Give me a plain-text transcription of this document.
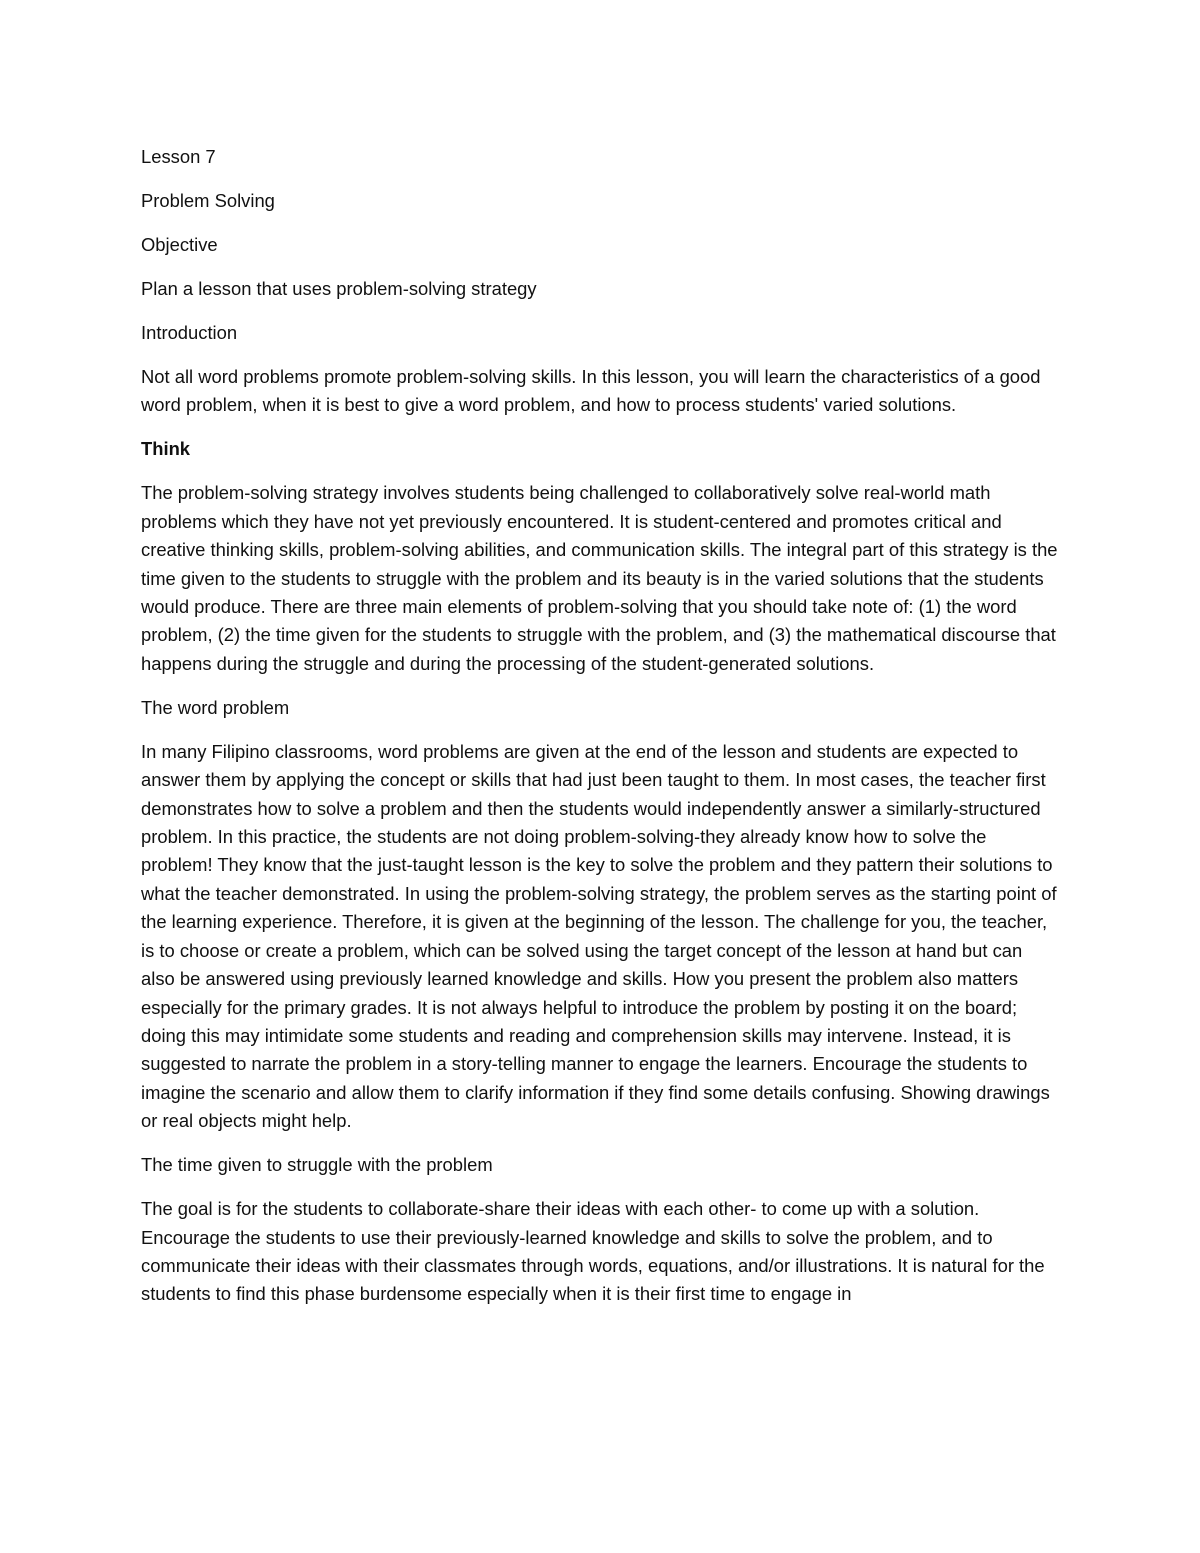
Lesson 7

Problem Solving

Objective

Plan a lesson that uses problem-solving strategy

Introduction

Not all word problems promote problem-solving skills. In this lesson, you will learn the characteristics of a good word problem, when it is best to give a word problem, and how to process students' varied solutions.

Think

The problem-solving strategy involves students being challenged to collaboratively solve real-world math problems which they have not yet previously encountered. It is student-centered and promotes critical and creative thinking skills, problem-solving abilities, and communication skills. The integral part of this strategy is the time given to the students to struggle with the problem and its beauty is in the varied solutions that the students would produce. There are three main elements of problem-solving that you should take note of: (1) the word problem, (2) the time given for the students to struggle with the problem, and (3) the mathematical discourse that happens during the struggle and during the processing of the student-generated solutions.

The word problem

In many Filipino classrooms, word problems are given at the end of the lesson and students are expected to answer them by applying the concept or skills that had just been taught to them. In most cases, the teacher first demonstrates how to solve a problem and then the students would independently answer a similarly-structured problem. In this practice, the students are not doing problem-solving-they already know how to solve the problem! They know that the just-taught lesson is the key to solve the problem and they pattern their solutions to what the teacher demonstrated. In using the problem-solving strategy, the problem serves as the starting point of the learning experience. Therefore, it is given at the beginning of the lesson. The challenge for you, the teacher, is to choose or create a problem, which can be solved using the target concept of the lesson at hand but can also be answered using previously learned knowledge and skills. How you present the problem also matters especially for the primary grades. It is not always helpful to introduce the problem by posting it on the board; doing this may intimidate some students and reading and comprehension skills may intervene. Instead, it is suggested to narrate the problem in a story-telling manner to engage the learners. Encourage the students to imagine the scenario and allow them to clarify information if they find some details confusing. Showing drawings or real objects might help.

The time given to struggle with the problem

The goal is for the students to collaborate-share their ideas with each other- to come up with a solution. Encourage the students to use their previously-learned knowledge and skills to solve the problem, and to communicate their ideas with their classmates through words, equations, and/or illustrations. It is natural for the students to find this phase burdensome especially when it is their first time to engage in
